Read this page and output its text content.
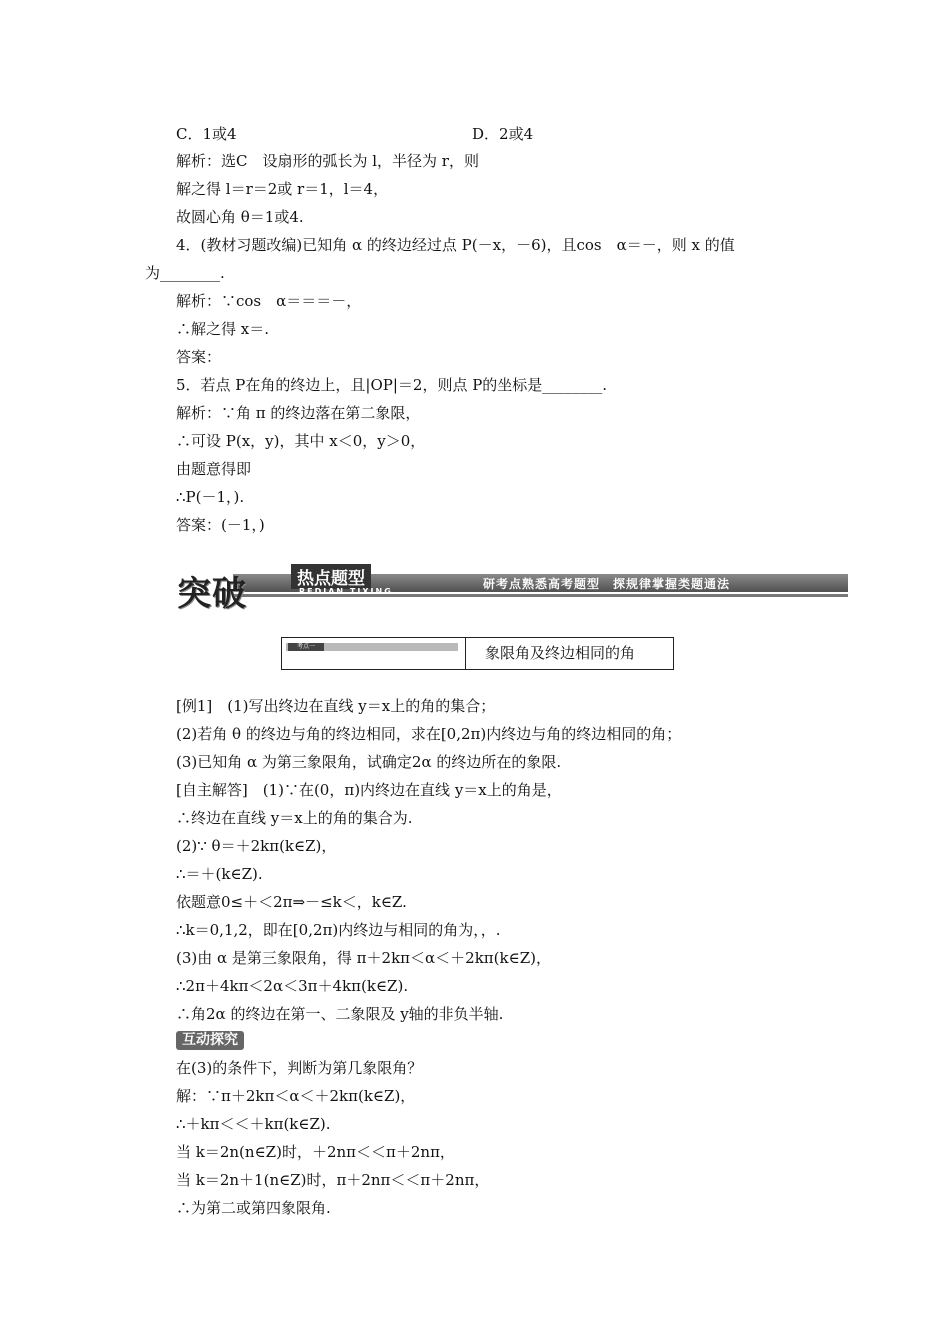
C．1或4	D．2或4
解析：选C　设扇形的弧长为 l，半径为 r，则
解之得 l＝r＝2或 r＝1，l＝4，
故圆心角 θ＝1或4.
4．(教材习题改编)已知角 α 的终边经过点 P(－x，－6)，且cos　α＝－，则 x 的值
为________.
解析：∵cos　α＝＝＝－，
∴解之得 x＝.
答案：
5．若点 P在角的终边上，且|OP|＝2，则点 P的坐标是________.
解析：∵角 π 的终边落在第二象限，
∴可设 P(x，y)，其中 x＜0，y＞0，
由题意得即
∴P(－1，).
答案：(－1，)
[例1]　(1)写出终边在直线 y＝x上的角的集合；
(2)若角 θ 的终边与角的终边相同，求在[0,2π)内终边与角的终边相同的角；
(3)已知角 α 为第三象限角，试确定2α 的终边所在的象限.
[自主解答]　(1)∵在(0，π)内终边在直线 y＝x上的角是，
∴终边在直线 y＝x上的角的集合为.
(2)∵ θ＝＋2kπ(k∈Z)，
∴＝＋(k∈Z).
依题意0≤＋＜2π⇒－≤k＜，k∈Z.
∴k＝0,1,2，即在[0,2π)内终边与相同的角为，，.
(3)由 α 是第三象限角，得 π＋2kπ＜α＜＋2kπ(k∈Z)，
∴2π＋4kπ＜2α＜3π＋4kπ(k∈Z).
∴角2α 的终边在第一、二象限及 y轴的非负半轴.
在(3)的条件下，判断为第几象限角？
解：∵π＋2kπ＜α＜＋2kπ(k∈Z)，
∴＋kπ＜＜＋kπ(k∈Z).
当 k＝2n(n∈Z)时，＋2nπ＜＜π＋2nπ，
当 k＝2n＋1(n∈Z)时，π＋2nπ＜＜π＋2nπ，
∴为第二或第四象限角.
突破	热点题型
REDIAN TIXING
研考点熟悉高考题型　探规律掌握类题通法
考点一	象限角及终边相同的角
互动探究
